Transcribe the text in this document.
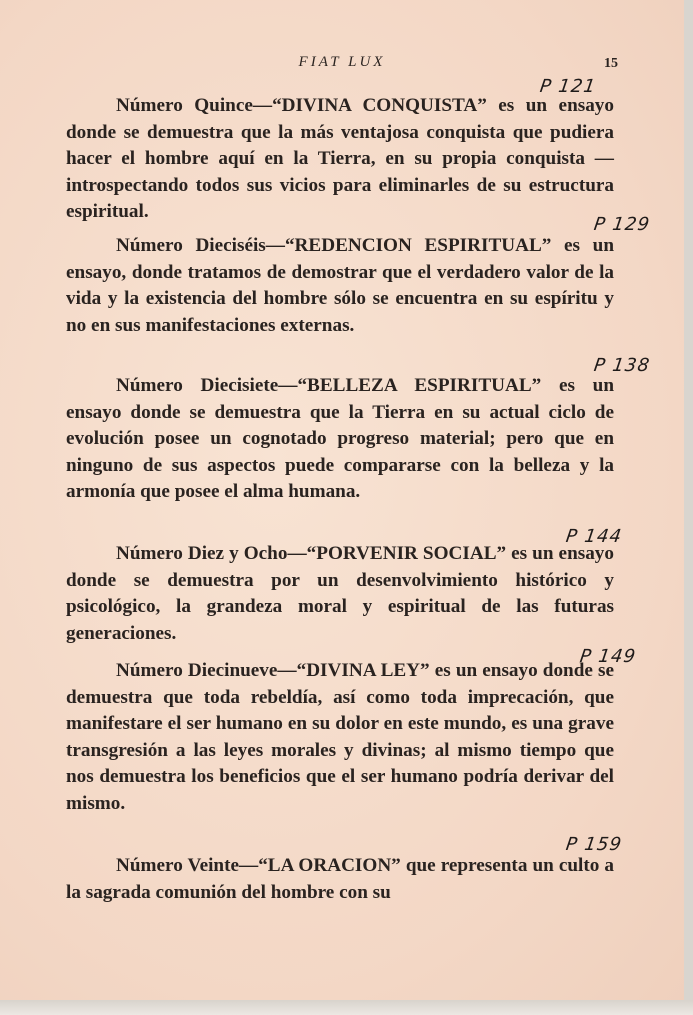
FIAT LUX	15
P 121
Número Quince—“DIVINA CONQUISTA” es un ensayo donde se demuestra que la más ventajosa conquista que pudiera hacer el hombre aquí en la Tierra, en su propia conquista —introspectando todos sus vicios para eliminarles de su estructura espiritual.
P 129
Número Dieciséis—“REDENCION ESPIRITUAL” es un ensayo, donde tratamos de demostrar que el verdadero valor de la vida y la existencia del hombre sólo se encuentra en su espíritu y no en sus manifestaciones externas.
P 138
Número Diecisiete—“BELLEZA ESPIRITUAL” es un ensayo donde se demuestra que la Tierra en su actual ciclo de evolución posee un cognotado progreso material; pero que en ninguno de sus aspectos puede compararse con la belleza y la armonía que posee el alma humana.
P 144
Número Diez y Ocho—“PORVENIR SOCIAL” es un ensayo donde se demuestra por un desenvolvimiento histórico y psicológico, la grandeza moral y espiritual de las futuras generaciones.
P 149
Número Diecinueve—“DIVINA LEY” es un ensayo donde se demuestra que toda rebeldía, así como toda imprecación, que manifestare el ser humano en su dolor en este mundo, es una grave transgresión a las leyes morales y divinas; al mismo tiempo que nos demuestra los beneficios que el ser humano podría derivar del mismo.
P 159
Número Veinte—“LA ORACION” que representa un culto a la sagrada comunión del hombre con su
